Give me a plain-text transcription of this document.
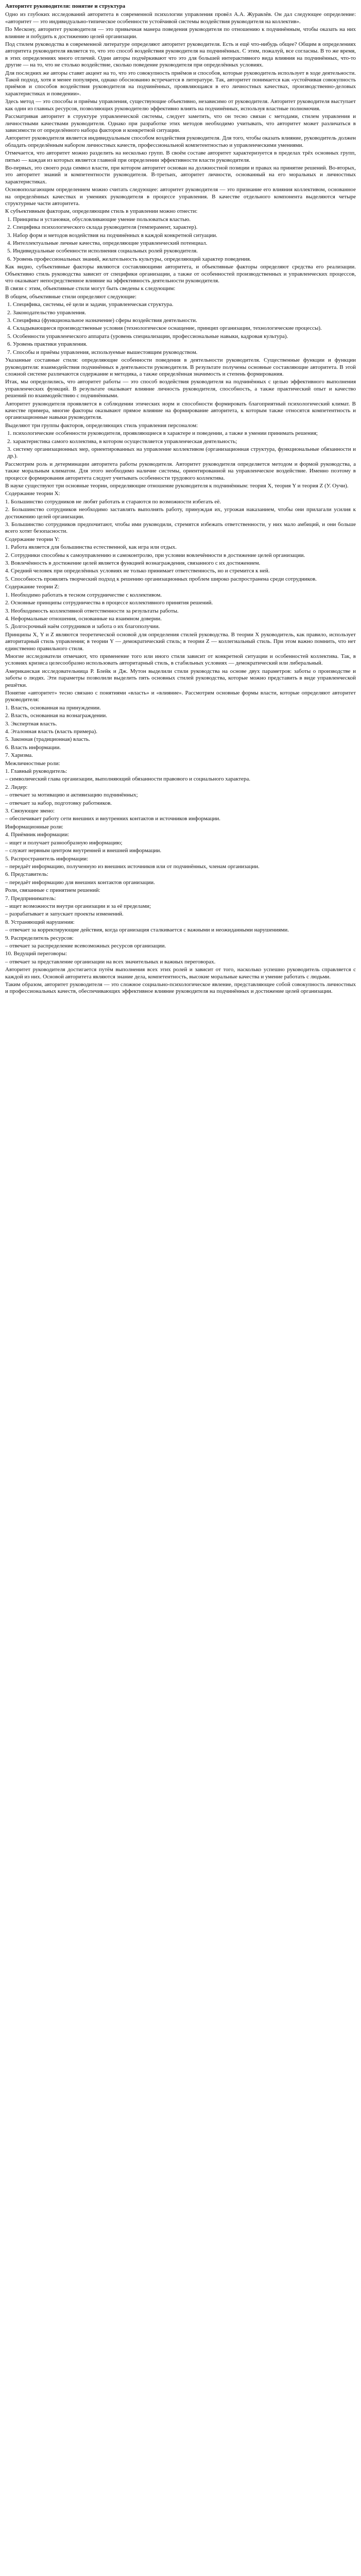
Авторитет руководителя: понятие и структура

Одно из глубоких исследований авторитета в современной психологии управления провёл А.А. Журавлёв. Он дал следующее определение: «авторитет — это индивидуально-типическое особенности устойчивой системы воздействия руководителя на коллектив».

По Мескону, авторитет руководителя — это привычная манера поведения руководителя по отношению к подчинённым, чтобы оказать на них влияние и побудить к достижению целей организации.

Под стилем руководства в современной литературе определяют авторитет руководителя. Есть и ещё что-нибудь общее? Общим в определениях авторитета руководителя является то, что это способ воздействия руководителя на подчинённых. С этим, пожалуй, все согласны. В то же время, в этих определениях много отличий. Одни авторы подчёркивают что это для большей интерактивного вида влияния на подчинённых, что-то другие — на то, что не столько воздействие, сколько поведение руководителя при определённых условиях.

Для последних же авторы ставят акцент на то, что это совокупность приёмов и способов, которые руководитель использует в ходе деятельности. Такой подход, хотя и менее популярен, однако обоснованно встречается в литературе. Так, авторитет понимается как «устойчивая совокупность приёмов и способов воздействия руководителя на подчинённых, проявляющаяся в его личностных качествах, производственно-деловых характеристиках и поведении».

Здесь метод — это способы и приёмы управления, существующие объективно, независимо от руководителя. Авторитет руководителя выступает как один из главных ресурсов, позволяющих руководителю эффективно влиять на подчинённых, используя властные полномочия.

Рассматривая авторитет в структуре управленческой системы, следует заметить, что он тесно связан с методами, стилем управления и личностными качествами руководителя. Однако при разработке этих методов необходимо учитывать, что авторитет может различаться в зависимости от определённого набора факторов и конкретной ситуации.

Авторитет руководителя является индивидуальным способом воздействия руководителя. Для того, чтобы оказать влияние, руководитель должен обладать определённым набором личностных качеств, профессиональной компетентностью и управленческими умениями.

Отмечается, что авторитет можно разделить на несколько групп. В своём составе авторитет характеризуется в пределах трёх основных групп, пятью — каждая из которых является главной при определении эффективности власти руководителя.

Во-первых, это своего рода символ власти, при котором авторитет основан на должностной позиции и правах на принятие решений. Во-вторых, это авторитет знаний и компетентности руководителя. В-третьих, авторитет личности, основанный на его моральных и личностных характеристиках.

Основополагающим определением можно считать следующее: авторитет руководителя — это признание его влияния коллективом, основанное на определённых качествах и умениях руководителя в процессе управления. В качестве отдельного компонента выделяются четыре структурные части авторитета.

К субъективным факторам, определяющим стиль в управлении можно отнести:

1. Принципы и установки, обусловливающие умение пользоваться властью.

2. Специфика психологического склада руководителя (темперамент, характер).

3. Набор форм и методов воздействия на подчинённых в каждой конкретной ситуации.

4. Интеллектуальные личные качества, определяющие управленческий потенциал.

5. Индивидуальные особенности исполнения социальных ролей руководителя.

6. Уровень профессиональных знаний, желательность культуры, определяющий характер поведения.

Как видно, субъективные факторы являются составляющими авторитета, и объективные факторы определяют средства его реализации. Объективно стиль руководства зависит от специфики организации, а также от особенностей производственных и управленческих процессов, что оказывает непосредственное влияние на эффективность деятельности руководителя.

В связи с этим, объективные стили могут быть сведены к следующим:

В общем, объективные стили определяют следующие:

1. Специфика, системы, её цели и задачи, управленческая структура.

2. Законодательство управления.

3. Специфика (функциональное назначение) сферы воздействия деятельности.

4. Складывающиеся производственные условия (технологическое оснащение, принцип организации, технологические процессы).

5. Особенности управленческого аппарата (уровень специализации, профессиональные навыки, кадровая культура).

6. Уровень практики управления.

7. Способы и приёмы управления, используемые вышестоящим руководством.

Указанные составные стиля: определяющие особенности поведения в деятельности руководителя. Существенные функции и функции руководителя: взаимодействия подчинённых в деятельности руководителя. В результате получены основные составляющие авторитета. В этой сложной системе различаются содержание и методика, а также определённая значимость и степень формирования.

Итак, мы определились, что авторитет работы — это способ воздействия руководителя на подчинённых с целью эффективного выполнения управленческих функций. В результате оказывает влияние личность руководителя, способность, а также практический опыт и качество решений по взаимодействию с подчинёнными.

Авторитет руководителя проявляется в соблюдении этических норм и способности формировать благоприятный психологический климат. В качестве примера, многие факторы оказывают прямое влияние на формирование авторитета, к которым также относятся компетентность и организационные навыки руководителя.

Выделяют три группы факторов, определяющих стиль управления персоналом:

1. психологические особенности руководителя, проявляющиеся в характере и поведении, а также в умении принимать решения;

2. характеристика самого коллектива, в котором осуществляется управленческая деятельность;

3. систему организационных мер, ориентированных на управление коллективом (организационная структура, функциональные обязанности и др.).

Рассмотрим роль и детерминации авторитета работы руководителя. Авторитет руководителя определяется методом и формой руководства, а также моральным климатом. Для этого необходимо наличие системы, ориентированной на управленческое воздействие. Именно поэтому в процессе формирования авторитета следует учитывать особенности трудового коллектива.

В науке существуют три основные теории, определяющие отношение руководителя к подчинённым: теория X, теория Y и теория Z (У. Оучи).

Содержание теории X:

1. Большинство сотрудников не любят работать и стараются по возможности избегать её.

2. Большинство сотрудников необходимо заставлять выполнять работу, принуждая их, угрожая наказанием, чтобы они прилагали усилия к достижению целей организации.

3. Большинство сотрудников предпочитают, чтобы ими руководили, стремятся избежать ответственности, у них мало амбиций, и они больше всего хотят безопасности.

Содержание теории Y:

1. Работа является для большинства естественной, как игра или отдых.

2. Сотрудники способны к самоуправлению и самоконтролю, при условии вовлечённости в достижение целей организации.

3. Вовлечённость в достижение целей является функцией вознаграждения, связанного с их достижением.

4. Средний человек при определённых условиях не только принимает ответственность, но и стремится к ней.

5. Способность проявлять творческий подход к решению организационных проблем широко распространена среди сотрудников.

Содержание теории Z:

1. Необходимо работать в тесном сотрудничестве с коллективом.

2. Основные принципы сотрудничества в процессе коллективного принятия решений.

3. Необходимость коллективной ответственности за результаты работы.

4. Неформальные отношения, основанные на взаимном доверии.

5. Долгосрочный наём сотрудников и забота о их благополучии.

Принципы Х, Y и Z являются теоретической основой для определения стилей руководства. В теории Х руководитель, как правило, использует авторитарный стиль управления; в теории Y — демократический стиль; в теории Z — коллегиальный стиль. При этом важно помнить, что нет единственно правильного стиля.

Многие исследователи отмечают, что применение того или иного стиля зависит от конкретной ситуации и особенностей коллектива. Так, в условиях кризиса целесообразно использовать авторитарный стиль, в стабильных условиях — демократический или либеральный.

Американская исследовательница Р. Блейк и Дж. Мутон выделили стили руководства на основе двух параметров: заботы о производстве и заботы о людях. Эти параметры позволили выделить пять основных стилей руководства, которые можно представить в виде управленческой решётки.

Понятие «авторитет» тесно связано с понятиями «власть» и «влияние». Рассмотрим основные формы власти, которые определяют авторитет руководителя:

1. Власть, основанная на принуждении.

2. Власть, основанная на вознаграждении.

3. Экспертная власть.

4. Эталонная власть (власть примера).

5. Законная (традиционная) власть.

6. Власть информации.

7. Харизма.

Межличностные роли:

1. Главный руководитель:

– символический глава организации, выполняющий обязанности правового и социального характера.

2. Лидер:

– отвечает за мотивацию и активизацию подчинённых;

– отвечает за набор, подготовку работников.

3. Связующее звено:

– обеспечивает работу сети внешних и внутренних контактов и источников информации.

Информационные роли:

4. Приёмник информации:

– ищет и получает разнообразную информацию;

– служит нервным центром внутренней и внешней информации.

5. Распространитель информации:

– передаёт информацию, полученную из внешних источников или от подчинённых, членам организации.

6. Представитель:

– передаёт информацию для внешних контактов организации.

Роли, связанные с принятием решений:

7. Предприниматель:

– ищет возможности внутри организации и за её пределами;

– разрабатывает и запускает проекты изменений.

8. Устраняющий нарушения:

– отвечает за корректирующие действия, когда организация сталкивается с важными и неожиданными нарушениями.

9. Распределитель ресурсов:

– отвечает за распределение всевозможных ресурсов организации.

10. Ведущий переговоры:

– отвечает за представление организации на всех значительных и важных переговорах.

Авторитет руководителя достигается путём выполнения всех этих ролей и зависит от того, насколько успешно руководитель справляется с каждой из них. Основой авторитета являются знание дела, компетентность, высокие моральные качества и умение работать с людьми.

Таким образом, авторитет руководителя — это сложное социально-психологическое явление, представляющее собой совокупность личностных и профессиональных качеств, обеспечивающих эффективное влияние руководителя на подчинённых и достижение целей организации.
